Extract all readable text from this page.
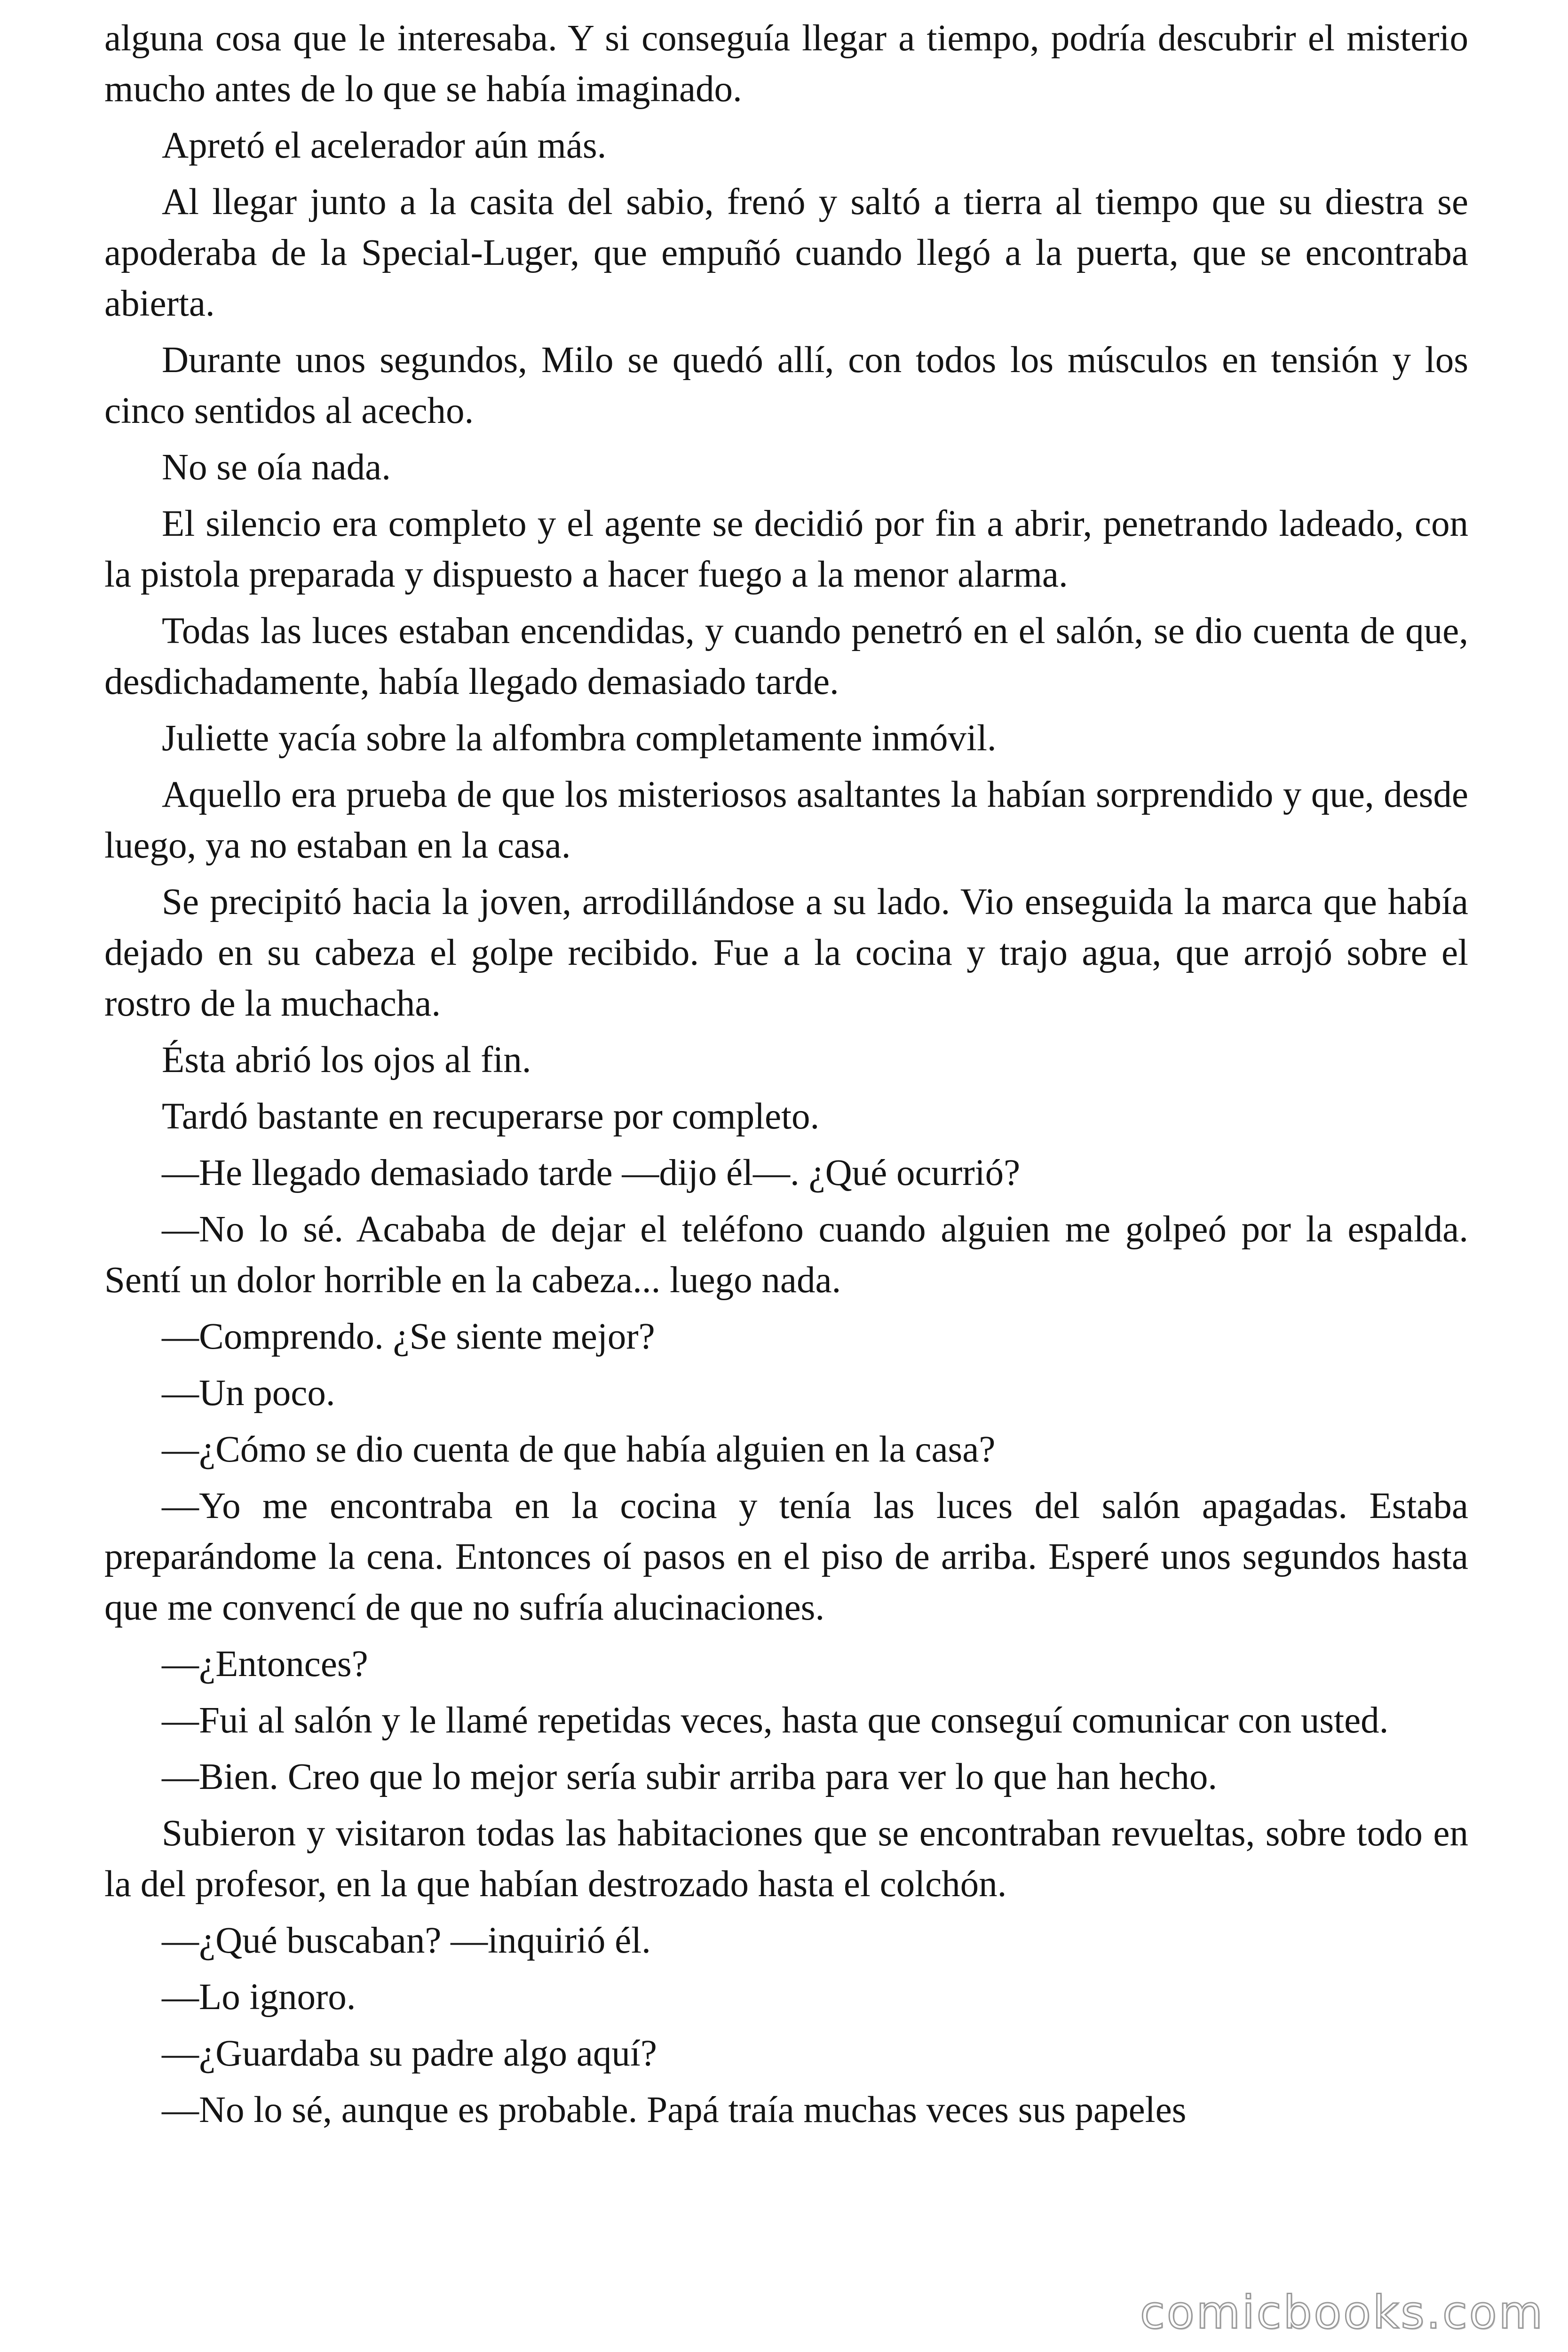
alguna cosa que le interesaba. Y si conseguía llegar a tiempo, podría descubrir el misterio mucho antes de lo que se había imaginado.

Apretó el acelerador aún más.

Al llegar junto a la casita del sabio, frenó y saltó a tierra al tiempo que su diestra se apoderaba de la Special-Luger, que empuñó cuando llegó a la puerta, que se encontraba abierta.

Durante unos segundos, Milo se quedó allí, con todos los músculos en tensión y los cinco sentidos al acecho.

No se oía nada.

El silencio era completo y el agente se decidió por fin a abrir, penetrando ladeado, con la pistola preparada y dispuesto a hacer fuego a la menor alarma.

Todas las luces estaban encendidas, y cuando penetró en el salón, se dio cuenta de que, desdichadamente, había llegado demasiado tarde.

Juliette yacía sobre la alfombra completamente inmóvil.

Aquello era prueba de que los misteriosos asaltantes la habían sorprendido y que, desde luego, ya no estaban en la casa.

Se precipitó hacia la joven, arrodillándose a su lado. Vio enseguida la marca que había dejado en su cabeza el golpe recibido. Fue a la cocina y trajo agua, que arrojó sobre el rostro de la muchacha.

Ésta abrió los ojos al fin.

Tardó bastante en recuperarse por completo.

—He llegado demasiado tarde —dijo él—. ¿Qué ocurrió?

—No lo sé. Acababa de dejar el teléfono cuando alguien me golpeó por la espalda. Sentí un dolor horrible en la cabeza... luego nada.

—Comprendo. ¿Se siente mejor?

—Un poco.

—¿Cómo se dio cuenta de que había alguien en la casa?

—Yo me encontraba en la cocina y tenía las luces del salón apagadas. Estaba preparándome la cena. Entonces oí pasos en el piso de arriba. Esperé unos segundos hasta que me convencí de que no sufría alucinaciones.

—¿Entonces?

—Fui al salón y le llamé repetidas veces, hasta que conseguí comunicar con usted.

—Bien. Creo que lo mejor sería subir arriba para ver lo que han hecho.

Subieron y visitaron todas las habitaciones que se encontraban revueltas, sobre todo en la del profesor, en la que habían destrozado hasta el colchón.

—¿Qué buscaban? —inquirió él.

—Lo ignoro.

—¿Guardaba su padre algo aquí?

—No lo sé, aunque es probable. Papá traía muchas veces sus papeles

comicbooks.com
